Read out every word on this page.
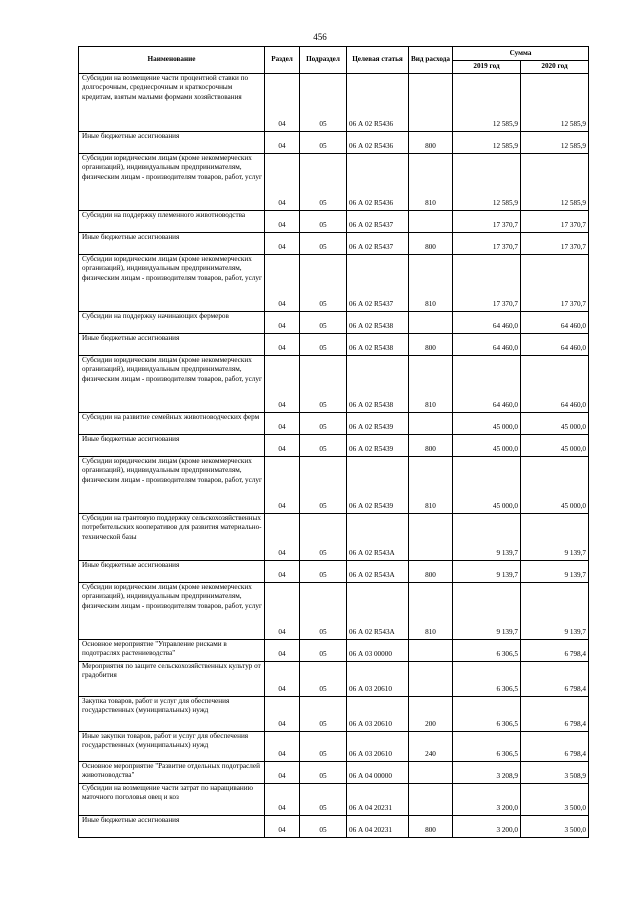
456
Наименование	Раздел	Подраздел	Целевая статья	Вид расхода	Сумма	
					2019 год	2020 год
Субсидии на возмещение части процентной ставки по долгосрочным, среднесрочным и краткосрочным кредитам, взятым малыми формами хозяйствования	04	05	06 А 02 R5436		12 585,9	12 585,9
Иные бюджетные ассигнования	04	05	06 А 02 R5436	800	12 585,9	12 585,9
Субсидии юридическим лицам (кроме некоммерческих организаций), индивидуальным предпринимателям, физическим лицам - производителям товаров, работ, услуг	04	05	06 А 02 R5436	810	12 585,9	12 585,9
Субсидии на поддержку племенного животноводства	04	05	06 А 02 R5437		17 370,7	17 370,7
Иные бюджетные ассигнования	04	05	06 А 02 R5437	800	17 370,7	17 370,7
Субсидии юридическим лицам (кроме некоммерческих организаций), индивидуальным предпринимателям, физическим лицам - производителям товаров, работ, услуг	04	05	06 А 02 R5437	810	17 370,7	17 370,7
Субсидии на поддержку начинающих фермеров	04	05	06 А 02 R5438		64 460,0	64 460,0
Иные бюджетные ассигнования	04	05	06 А 02 R5438	800	64 460,0	64 460,0
Субсидии юридическим лицам (кроме некоммерческих организаций), индивидуальным предпринимателям, физическим лицам - производителям товаров, работ, услуг	04	05	06 А 02 R5438	810	64 460,0	64 460,0
Субсидии на развитие семейных животноводческих ферм	04	05	06 А 02 R5439		45 000,0	45 000,0
Иные бюджетные ассигнования	04	05	06 А 02 R5439	800	45 000,0	45 000,0
Субсидии юридическим лицам (кроме некоммерческих организаций), индивидуальным предпринимателям, физическим лицам - производителям товаров, работ, услуг	04	05	06 А 02 R5439	810	45 000,0	45 000,0
Субсидии на грантовую поддержку сельскохозяйственных потребительских кооперативов для развития материально-технической базы	04	05	06 А 02 R543А		9 139,7	9 139,7
Иные бюджетные ассигнования	04	05	06 А 02 R543А	800	9 139,7	9 139,7
Субсидии юридическим лицам (кроме некоммерческих организаций), индивидуальным предпринимателям, физическим лицам - производителям товаров, работ, услуг	04	05	06 А 02 R543А	810	9 139,7	9 139,7
Основное мероприятие "Управление рисками в подотраслях растениеводства"	04	05	06 А 03 00000		6 306,5	6 798,4
Мероприятия по защите сельскохозяйственных культур от градобития	04	05	06 А 03 20610		6 306,5	6 798,4
Закупка товаров, работ и услуг для обеспечения государственных (муниципальных) нужд	04	05	06 А 03 20610	200	6 306,5	6 798,4
Иные закупки товаров, работ и услуг для обеспечения государственных (муниципальных) нужд	04	05	06 А 03 20610	240	6 306,5	6 798,4
Основное мероприятие "Развитие отдельных подотраслей животноводства"	04	05	06 А 04 00000		3 208,9	3 508,9
Субсидии на возмещение части затрат по наращиванию маточного поголовья овец и коз	04	05	06 А 04 20231		3 200,0	3 500,0
Иные бюджетные ассигнования	04	05	06 А 04 20231	800	3 200,0	3 500,0
